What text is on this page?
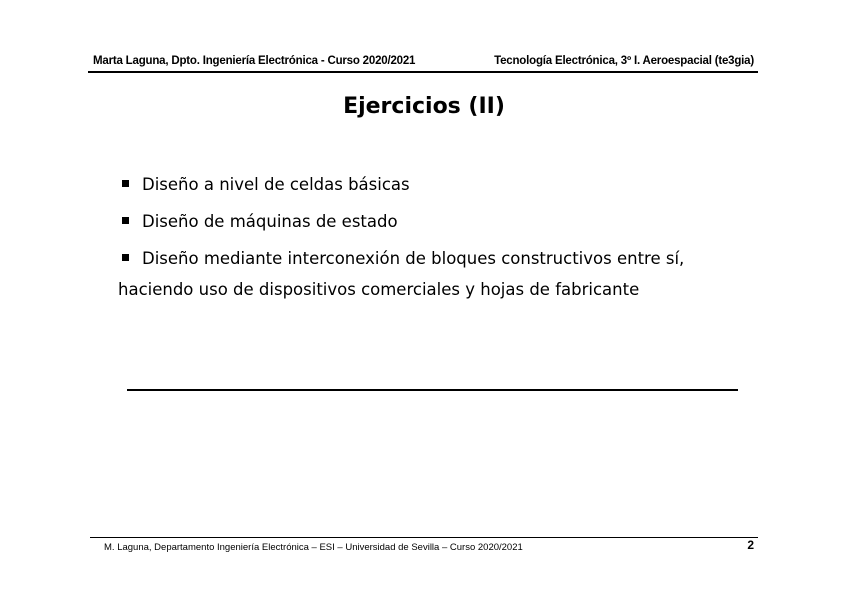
Marta Laguna, Dpto. Ingeniería Electrónica - Curso 2020/2021	Tecnología Electrónica, 3º I. Aeroespacial (te3gia)
Ejercicios (II)
Diseño a nivel de celdas básicas
Diseño de máquinas de estado
Diseño mediante interconexión de bloques constructivos entre sí,
haciendo uso de dispositivos comerciales y hojas de fabricante
M. Laguna, Departamento Ingeniería Electrónica – ESI – Universidad de Sevilla – Curso 2020/2021	2
